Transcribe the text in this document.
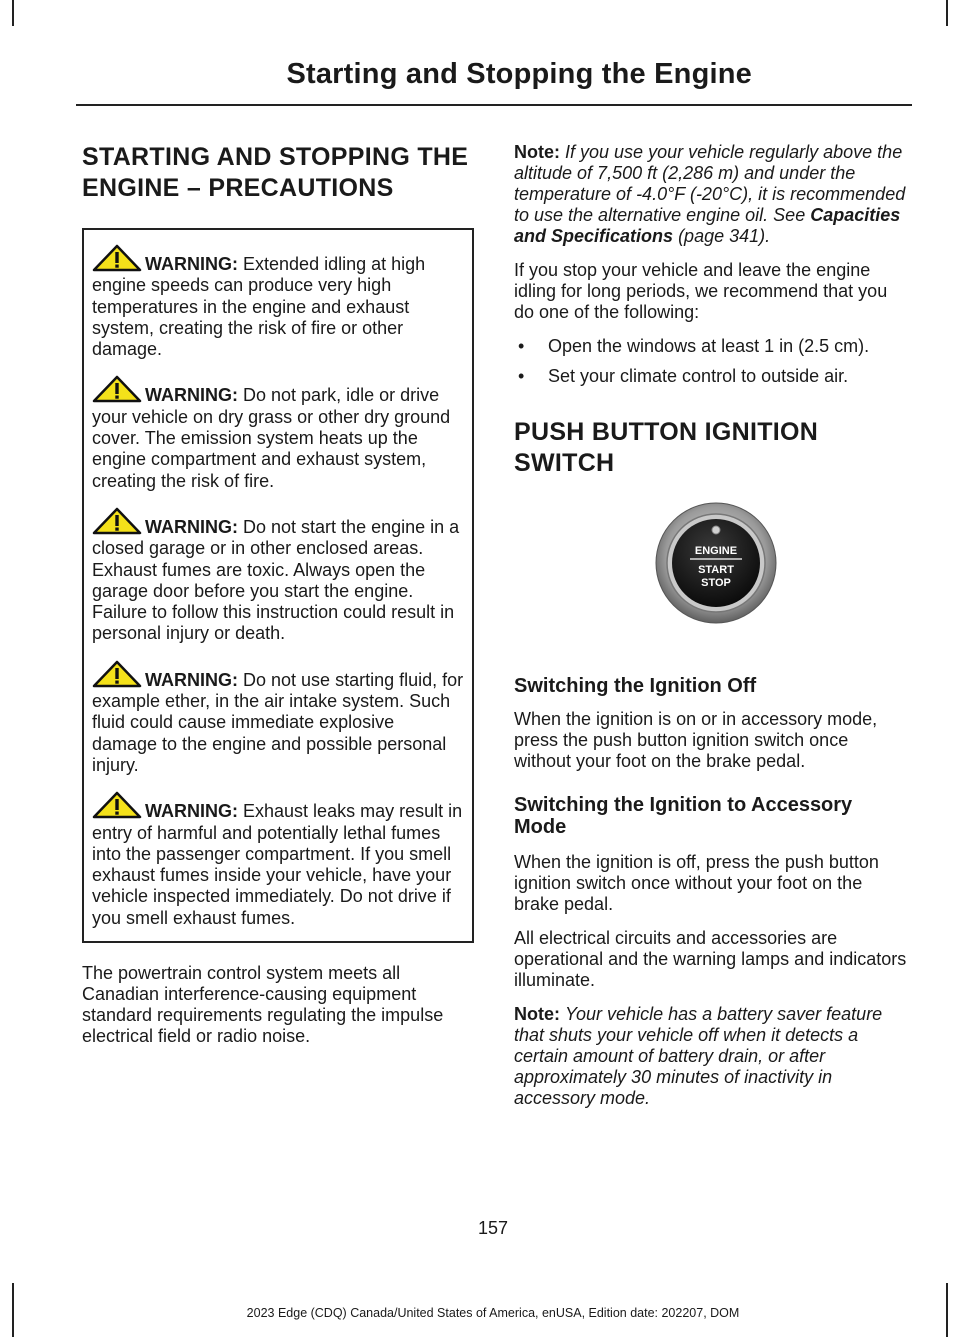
Starting and Stopping the Engine
STARTING AND STOPPING THE ENGINE – PRECAUTIONS
WARNING: Extended idling at high engine speeds can produce very high temperatures in the engine and exhaust system, creating the risk of fire or other damage.
WARNING: Do not park, idle or drive your vehicle on dry grass or other dry ground cover. The emission system heats up the engine compartment and exhaust system, creating the risk of fire.
WARNING: Do not start the engine in a closed garage or in other enclosed areas. Exhaust fumes are toxic. Always open the garage door before you start the engine. Failure to follow this instruction could result in personal injury or death.
WARNING: Do not use starting fluid, for example ether, in the air intake system. Such fluid could cause immediate explosive damage to the engine and possible personal injury.
WARNING: Exhaust leaks may result in entry of harmful and potentially lethal fumes into the passenger compartment. If you smell exhaust fumes inside your vehicle, have your vehicle inspected immediately. Do not drive if you smell exhaust fumes.

The powertrain control system meets all Canadian interference-causing equipment standard requirements regulating the impulse electrical field or radio noise.

Note: If you use your vehicle regularly above the altitude of 7,500 ft (2,286 m) and under the temperature of -4.0°F (-20°C), it is recommended to use the alternative engine oil. See Capacities and Specifications (page 341).

If you stop your vehicle and leave the engine idling for long periods, we recommend that you do one of the following:

• Open the windows at least 1 in (2.5 cm).
• Set your climate control to outside air.
PUSH BUTTON IGNITION SWITCH
ENGINE
START
STOP
Switching the Ignition Off

When the ignition is on or in accessory mode, press the push button ignition switch once without your foot on the brake pedal.

Switching the Ignition to Accessory Mode

When the ignition is off, press the push button ignition switch once without your foot on the brake pedal.

All electrical circuits and accessories are operational and the warning lamps and indicators illuminate.

Note: Your vehicle has a battery saver feature that shuts your vehicle off when it detects a certain amount of battery drain, or after approximately 30 minutes of inactivity in accessory mode.

157
2023 Edge (CDQ) Canada/United States of America, enUSA, Edition date: 202207, DOM
